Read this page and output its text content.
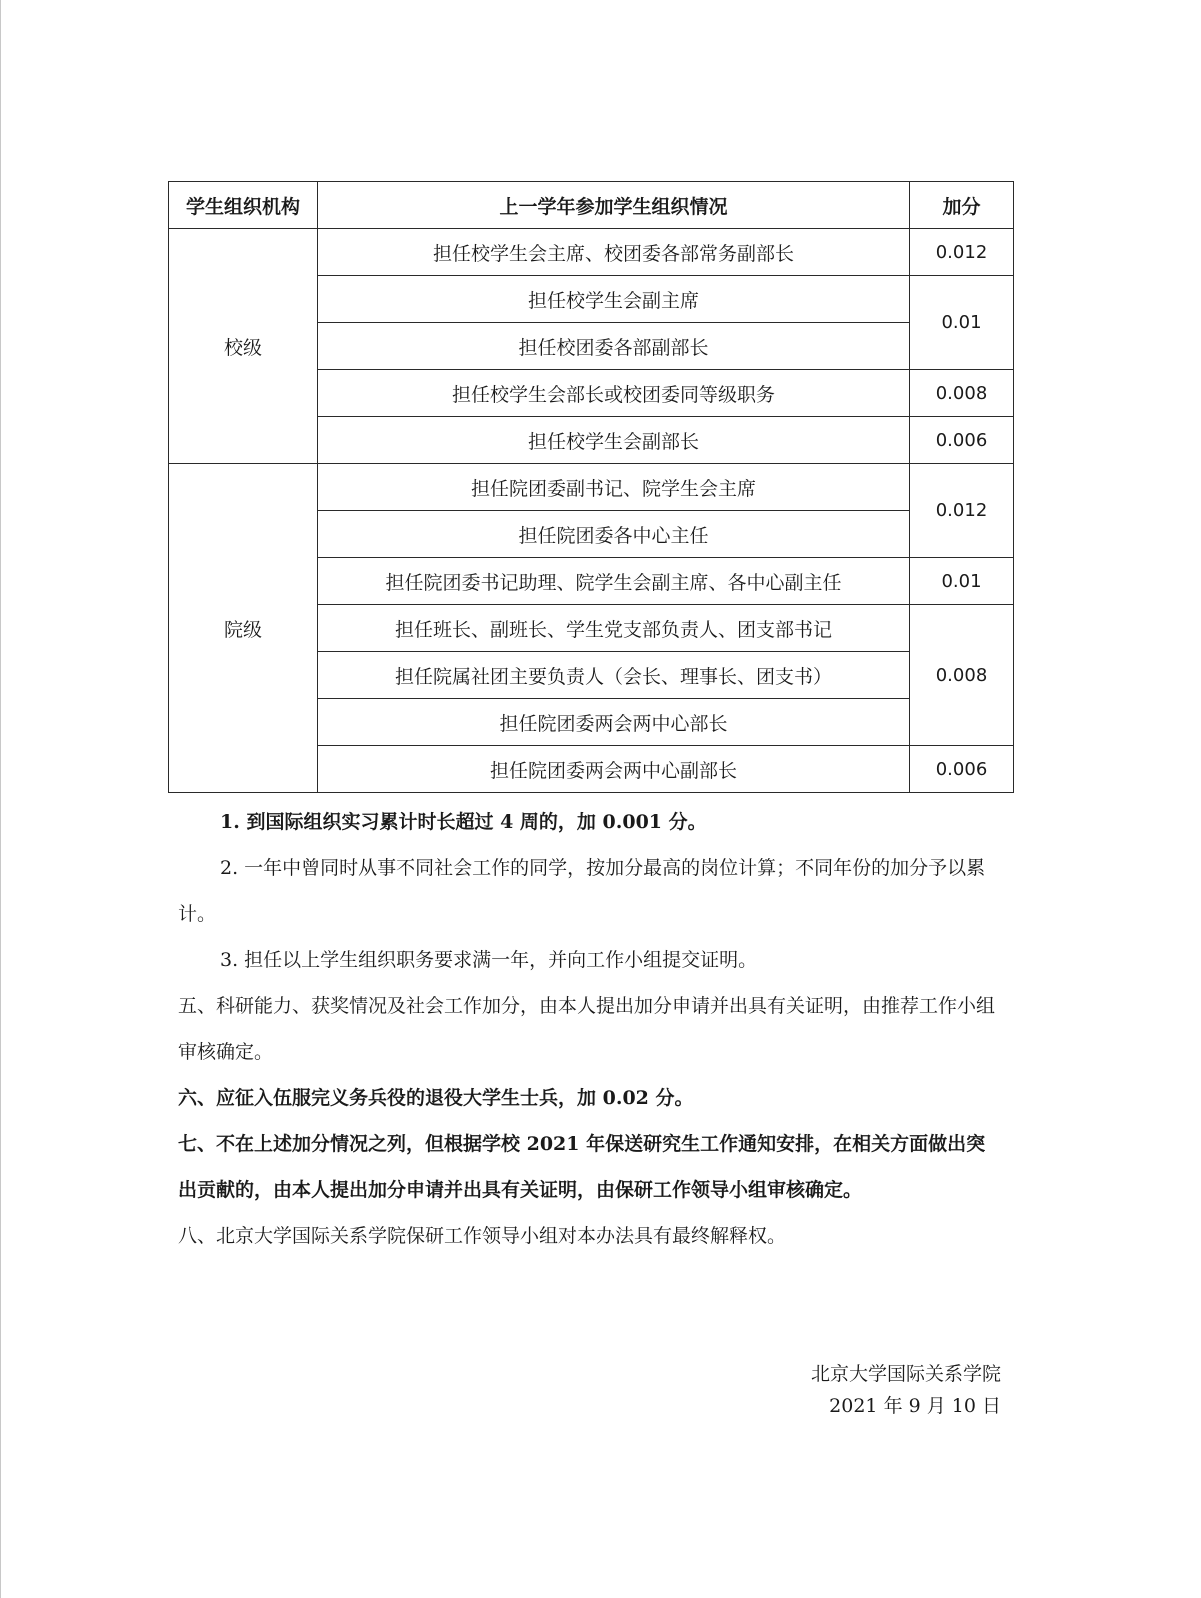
学生组织机构	上一学年参加学生组织情况	加分
校级	担任校学生会主席、校团委各部常务副部长	0.012
	担任校学生会副主席	0.01
	担任校团委各部副部长	
	担任校学生会部长或校团委同等级职务	0.008
	担任校学生会副部长	0.006
院级	担任院团委副书记、院学生会主席	0.012
	担任院团委各中心主任	
	担任院团委书记助理、院学生会副主席、各中心副主任	0.01
	担任班长、副班长、学生党支部负责人、团支部书记	0.008
	担任院属社团主要负责人（会长、理事长、团支书）	
	担任院团委两会两中心部长	
	担任院团委两会两中心副部长	0.006

1. 到国际组织实习累计时长超过 4 周的，加 0.001 分。

2. 一年中曾同时从事不同社会工作的同学，按加分最高的岗位计算；不同年份的加分予以累计。

3. 担任以上学生组织职务要求满一年，并向工作小组提交证明。

五、科研能力、获奖情况及社会工作加分，由本人提出加分申请并出具有关证明，由推荐工作小组审核确定。

六、应征入伍服完义务兵役的退役大学生士兵，加 0.02 分。

七、不在上述加分情况之列，但根据学校 2021 年保送研究生工作通知安排，在相关方面做出突出贡献的，由本人提出加分申请并出具有关证明，由保研工作领导小组审核确定。

八、北京大学国际关系学院保研工作领导小组对本办法具有最终解释权。

北京大学国际关系学院

2021 年 9 月 10 日
